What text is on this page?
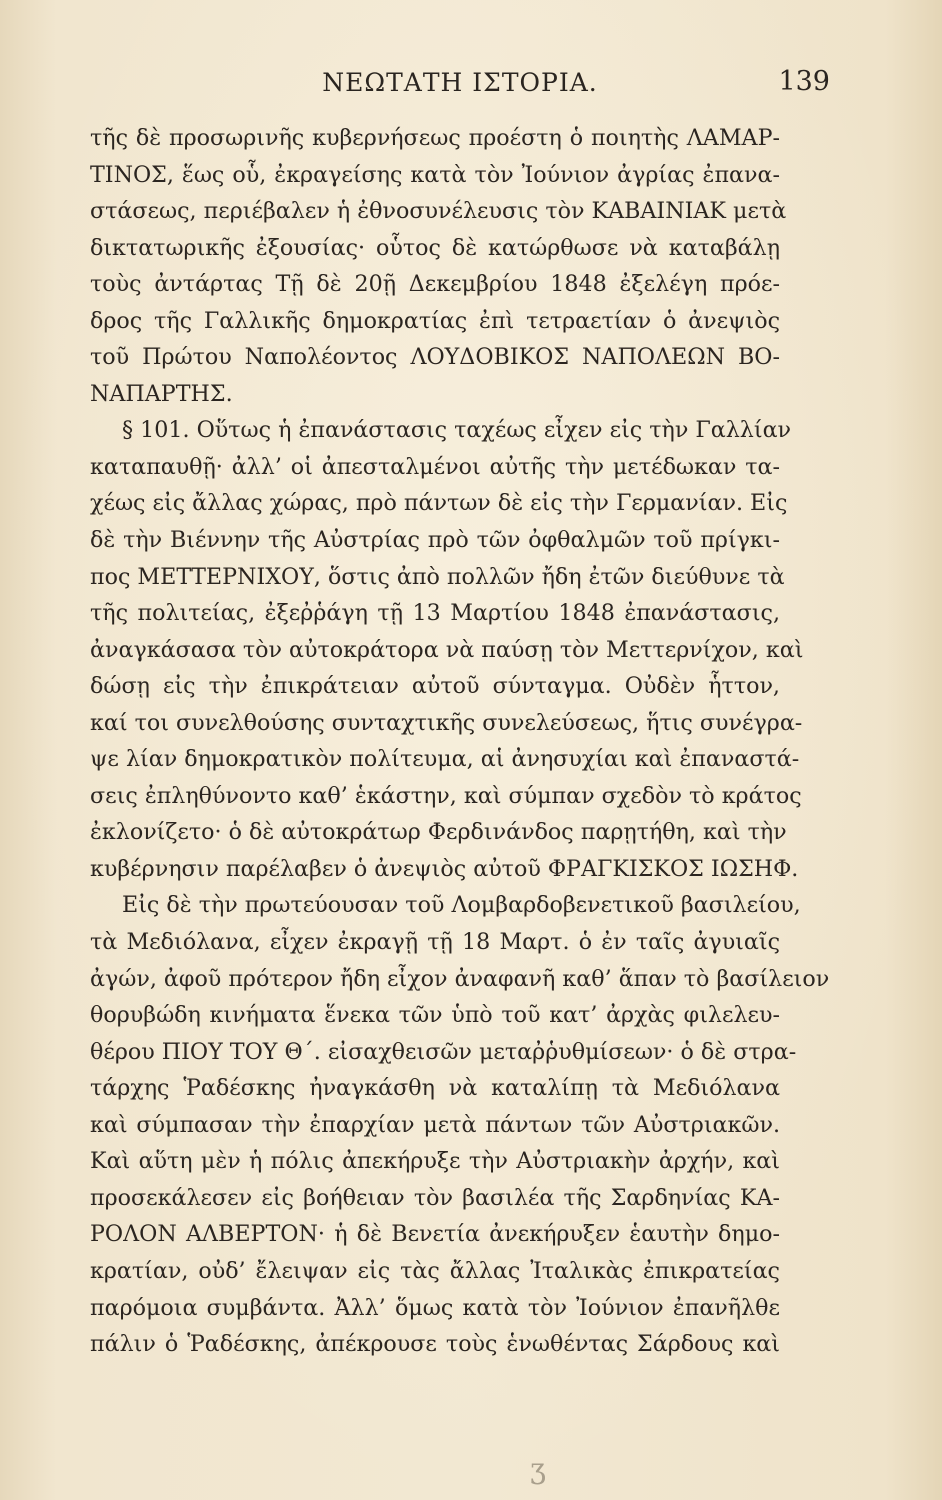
ΝΕΩΤΑΤΗ ΙΣΤΟΡΙΑ.	139
τῆς δὲ προσωρινῆς κυβερνήσεως προέστη ὁ ποιητὴς ΛΑΜΑΡ-
ΤΙΝΟΣ, ἕως οὗ, ἐκραγείσης κατὰ τὸν Ἰούνιον ἀγρίας ἐπανα-
στάσεως, περιέβαλεν ἡ ἐθνοσυνέλευσις τὸν ΚΑΒΑΙΝΙΑΚ μετὰ
δικτατωρικῆς ἐξουσίας· οὗτος δὲ κατώρθωσε νὰ καταβάλῃ
τοὺς ἀντάρτας Τῇ δὲ 20ῇ Δεκεμβρίου 1848 ἐξελέγη πρόε-
δρος τῆς Γαλλικῆς δημοκρατίας ἐπὶ τετραετίαν ὁ ἀνεψιὸς
τοῦ Πρώτου Ναπολέοντος ΛΟΥΔΟΒΙΚΟΣ ΝΑΠΟΛΕΩΝ ΒΟ-
ΝΑΠΑΡΤΗΣ.
§ 101. Οὕτως ἡ ἐπανάστασις ταχέως εἶχεν εἰς τὴν Γαλλίαν
καταπαυθῇ· ἀλλ’ οἱ ἀπεσταλμένοι αὐτῆς τὴν μετέδωκαν τα-
χέως εἰς ἄλλας χώρας, πρὸ πάντων δὲ εἰς τὴν Γερμανίαν. Εἰς
δὲ τὴν Βιέννην τῆς Αὐστρίας πρὸ τῶν ὀφθαλμῶν τοῦ πρίγκι-
πος ΜΕΤΤΕΡΝΙΧΟΥ, ὅστις ἀπὸ πολλῶν ἤδη ἐτῶν διεύθυνε τὰ
τῆς πολιτείας, ἐξεῤῥάγη τῇ 13 Μαρτίου 1848 ἐπανάστασις,
ἀναγκάσασα τὸν αὐτοκράτορα νὰ παύσῃ τὸν Μεττερνίχον, καὶ
δώσῃ εἰς τὴν ἐπικράτειαν αὐτοῦ σύνταγμα. Οὐδὲν ἧττον,
καί τοι συνελθούσης συνταχτικῆς συνελεύσεως, ἥτις συνέγρα-
ψε λίαν δημοκρατικὸν πολίτευμα, αἱ ἀνησυχίαι καὶ ἐπαναστά-
σεις ἐπληθύνοντο καθ’ ἑκάστην, καὶ σύμπαν σχεδὸν τὸ κράτος
ἐκλονίζετο· ὁ δὲ αὐτοκράτωρ Φερδινάνδος παρῃτήθη, καὶ τὴν
κυβέρνησιν παρέλαβεν ὁ ἀνεψιὸς αὐτοῦ ΦΡΑΓΚΙΣΚΟΣ ΙΩΣΗΦ.
Εἰς δὲ τὴν πρωτεύουσαν τοῦ Λομβαρδοβενετικοῦ βασιλείου,
τὰ Μεδιόλανα, εἶχεν ἐκραγῇ τῇ 18 Μαρτ. ὁ ἐν ταῖς ἀγυιαῖς
ἀγών, ἀφοῦ πρότερον ἤδη εἶχον ἀναφανῆ καθ’ ἅπαν τὸ βασίλειον
θορυβώδη κινήματα ἕνεκα τῶν ὑπὸ τοῦ κατ’ ἀρχὰς φιλελευ-
θέρου ΠΙΟΥ ΤΟΥ Θ΄. εἰσαχθεισῶν μεταῤῥυθμίσεων· ὁ δὲ στρα-
τάρχης Ῥαδέσκης ἠναγκάσθη νὰ καταλίπῃ τὰ Μεδιόλανα
καὶ σύμπασαν τὴν ἐπαρχίαν μετὰ πάντων τῶν Αὐστριακῶν.
Καὶ αὕτη μὲν ἡ πόλις ἀπεκήρυξε τὴν Αὐστριακὴν ἀρχήν, καὶ
προσεκάλεσεν εἰς βοήθειαν τὸν βασιλέα τῆς Σαρδηνίας ΚΑ-
ΡΟΛΟΝ ΑΛΒΕΡΤΟΝ· ἡ δὲ Βενετία ἀνεκήρυξεν ἑαυτὴν δημο-
κρατίαν, οὐδ’ ἔλειψαν εἰς τὰς ἄλλας Ἰταλικὰς ἐπικρατείας
παρόμοια συμβάντα. Ἀλλ’ ὅμως κατὰ τὸν Ἰούνιον ἐπανῆλθε
πάλιν ὁ Ῥαδέσκης, ἀπέκρουσε τοὺς ἑνωθέντας Σάρδους καὶ
ʒ
